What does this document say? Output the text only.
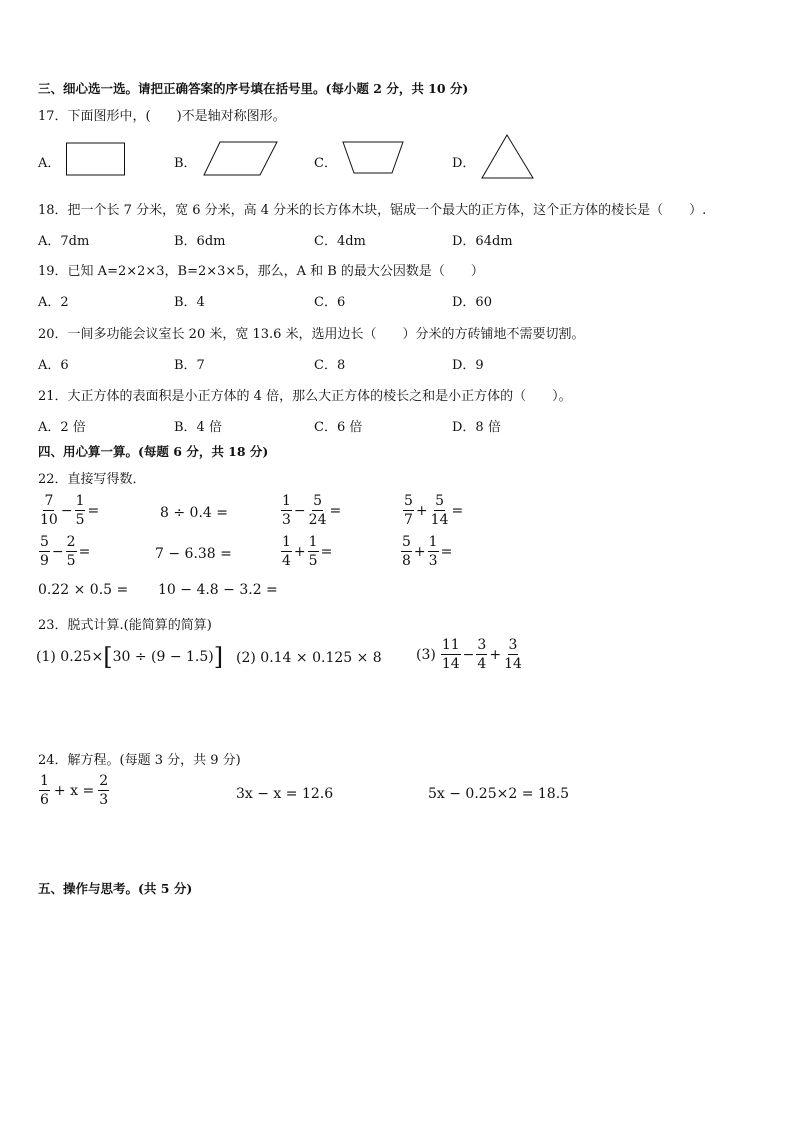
三、细心选一选。请把正确答案的序号填在括号里。(每小题 2 分，共 10 分)
17．下面图形中，(　　)不是轴对称图形。
A．	B．	C．	D．
18．把一个长 7 分米，宽 6 分米，高 4 分米的长方体木块，锯成一个最大的正方体，这个正方体的棱长是（　　）.
A．7dm	B．6dm	C．4dm	D．64dm
19．已知 A=2×2×3，B=2×3×5，那么，A 和 B 的最大公因数是（　　）
A．2	B．4	C．6	D．60
20．一间多功能会议室长 20 米，宽 13.6 米，选用边长（　　）分米的方砖铺地不需要切割。
A．6	B．7	C．8	D．9
21．大正方体的表面积是小正方体的 4 倍，那么大正方体的棱长之和是小正方体的（　　）。
A．2 倍	B．4 倍	C．6 倍	D．8 倍
四、用心算一算。(每题 6 分，共 18 分)
22．直接写得数．
$\frac{7}{10} - \frac{1}{5}$ =	8 ÷ 0.4 =	$\frac{1}{3} - \frac{5}{24}$ =	$\frac{5}{7} + \frac{5}{14}$ =
$\frac{5}{9} - \frac{2}{5}$ =	7 − 6.38 =	$\frac{1}{4} + \frac{1}{5}$ =	$\frac{5}{8} + \frac{1}{3}$ =
0.22 × 0.5 = 10 − 4.8 − 3.2 =
23．脱式计算.(能简算的简算)
(1) 0.25× [ 30 ÷ (9 − 1.5) ] (2) 0.14 × 0.125 × 8 $(3) \frac{11}{14} - \frac{3}{4} + \frac{3}{14}$
24．解方程。(每题 3 分，共 9 分)
$\frac{1}{6} + x = \frac{2}{3}$	3x − x = 12.6	5x − 0.25×2 = 18.5
五、操作与思考。(共 5 分)
